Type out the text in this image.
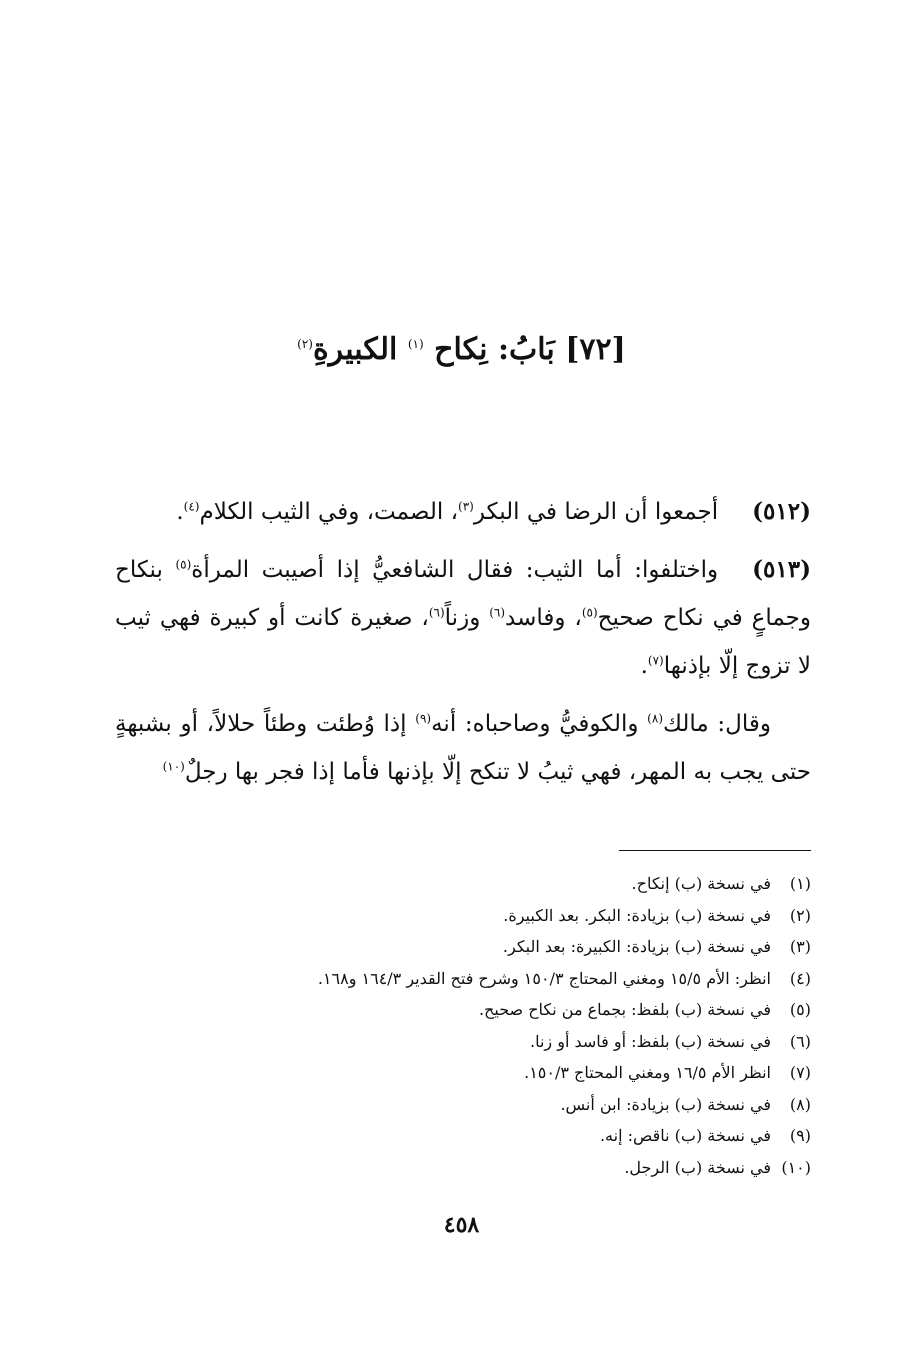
[٧٢] بَابُ: نِكاح $^{(١)}$ الكبيرةِ$^{(٢)}$

(٥١٢)أجمعوا أن الرضا في البكر$^{(٣)}$، الصمت، وفي الثيب الكلام$^{(٤)}$.

(٥١٣)واختلفوا: أما الثيب: فقال الشافعيُّ إذا أصيبت المرأة$^{(٥)}$ بنكاح وجماعٍ في نكاح صحيح$^{(٥)}$، وفاسد$^{(٦)}$ وزناً$^{(٦)}$، صغيرة كانت أو كبيرة فهي ثيب لا تزوج إلّا بإذنها$^{(٧)}$.

وقال: مالك$^{(٨)}$ والكوفيُّ وصاحباه: أنه$^{(٩)}$ إذا وُطئت وطئاً حلالاً، أو بشبهةٍ حتى يجب به المهر، فهي ثيبُ لا تنكح إلّا بإذنها فأما إذا فجر بها رجلٌ$^{(١٠)}$

(١)
في نسخة (ب) إنكاح.
(٢)
في نسخة (ب) بزيادة: البكر. بعد الكبيرة.
(٣)
في نسخة (ب) بزيادة: الكبيرة: بعد البكر.
(٤)
انظر: الأم ١٥/٥ ومغني المحتاج ١٥٠/٣ وشرح فتح القدير ١٦٤/٣ و١٦٨.
(٥)
في نسخة (ب) بلفظ: بجماع من نكاح صحيح.
(٦)
في نسخة (ب) بلفظ: أو فاسد أو زنا.
(٧)
انظر الأم ١٦/٥ ومغني المحتاج ١٥٠/٣.
(٨)
في نسخة (ب) بزيادة: ابن أنس.
(٩)
في نسخة (ب) ناقص: إنه.
(١٠)
في نسخة (ب) الرجل.
٤٥٨
